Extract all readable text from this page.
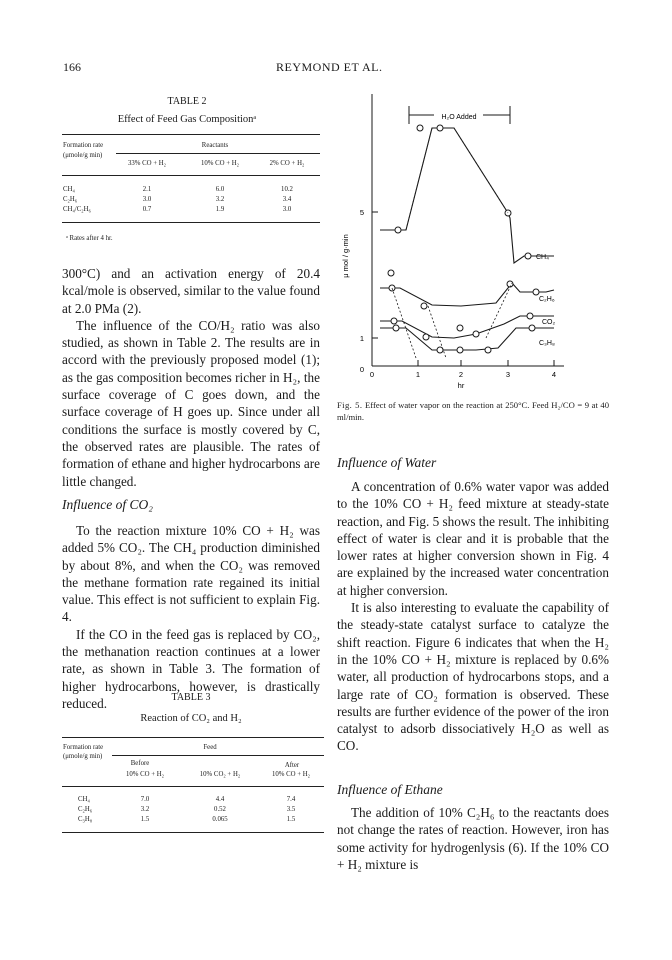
166	REYMOND ET AL.
TABLE 2
Effect of Feed Gas Compositionᵃ
Formation rate
(μmole/g min)
Reactants
33% CO + H₂	10% CO + H₂	2% CO + H₂
CH₄	2.1	6.0	10.2
C₂H₆	3.0	3.2	3.4
CH₄/C₂H₆	0.7	1.9	3.0
ᵃ Rates after 4 hr.

300°C) and an activation energy of 20.4 kcal/mole is observed, similar to the value found at 2.0 PMa (2).

The influence of the CO/H₂ ratio was also studied, as shown in Table 2. The results are in accord with the previously proposed model (1); as the gas composition becomes richer in H₂, the surface coverage of C goes down, and the surface coverage of H goes up. Since under all conditions the surface is mostly covered by C, the observed rates are plausible. The rates of formation of ethane and higher hydrocarbons are little changed.

Influence of CO₂

To the reaction mixture 10% CO + H₂ was added 5% CO₂. The CH₄ production diminished by about 8%, and when the CO₂ was removed the methane formation rate regained its initial value. This effect is not sufficient to explain Fig. 4.

If the CO in the feed gas is replaced by CO₂, the methanation reaction continues at a lower rate, as shown in Table 3. The formation of higher hydrocarbons, however, is drastically reduced.	TABLE 3
Reaction of CO₂ and H₂
Formation rate
(μmole/g min)
Feed
Before	After
10% CO + H₂	10% CO₂ + H₂	10% CO + H₂
CH₄	7.0	4.4	7.4
C₂H₆	3.2	0.52	3.5
C₃H₈	1.5	0.065	1.5
H₂O Added
5
1
0
0	1	2	3	4
hr
μ mol / g·min	CH₄
C₂H₆
CO₂
C₃H₈
Fig. 5. Effect of water vapor on the reaction at 250°C. Feed H₂/CO = 9 at 40 ml/min.
Influence of Water

A concentration of 0.6% water vapor was added to the 10% CO + H₂ feed mixture at steady-state reaction, and Fig. 5 shows the result. The inhibiting effect of water is clear and it is probable that the lower rates at higher conversion shown in Fig. 4 are explained by the increased water concentration at higher conversion.

It is also interesting to evaluate the capability of the steady-state catalyst surface to catalyze the shift reaction. Figure 6 indicates that when the H₂ in the 10% CO + H₂ mixture is replaced by 0.6% water, all production of hydrocarbons stops, and a large rate of CO₂ formation is observed. These results are further evidence of the power of the iron catalyst to adsorb dissociatively H₂O as well as CO.

Influence of Ethane

The addition of 10% C₂H₆ to the reactants does not change the rates of reaction. However, iron has some activity for hydrogenlysis (6). If the 10% CO + H₂ mixture is
